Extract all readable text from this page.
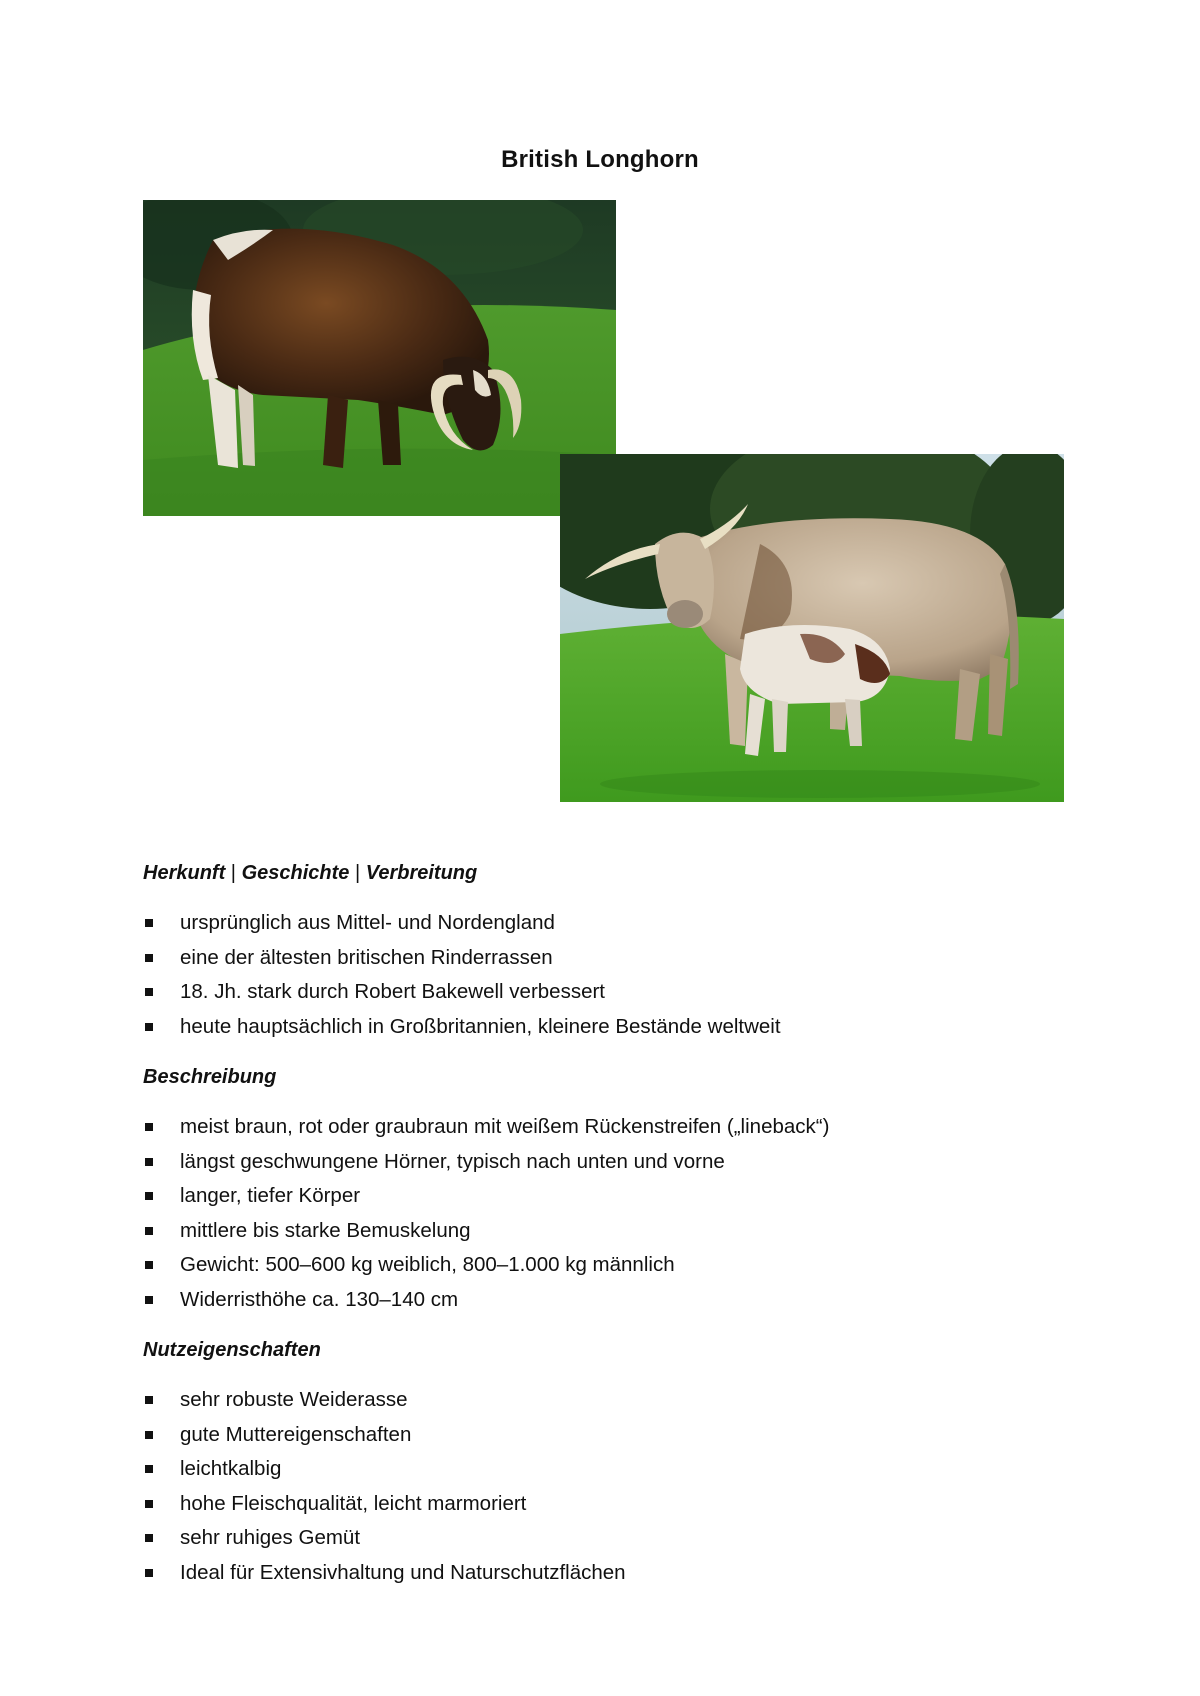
British Longhorn
Herkunft | Geschichte | Verbreitung
ursprünglich aus Mittel- und Nordengland
eine der ältesten britischen Rinderrassen
18. Jh. stark durch Robert Bakewell verbessert
heute hauptsächlich in Großbritannien, kleinere Bestände weltweit
Beschreibung
meist braun, rot oder graubraun mit weißem Rückenstreifen („lineback“)
längst geschwungene Hörner, typisch nach unten und vorne
langer, tiefer Körper
mittlere bis starke Bemuskelung
Gewicht: 500–600 kg weiblich, 800–1.000 kg männlich
Widerristhöhe ca. 130–140 cm
Nutzeigenschaften
sehr robuste Weiderasse
gute Muttereigenschaften
leichtkalbig
hohe Fleischqualität, leicht marmoriert
sehr ruhiges Gemüt
Ideal für Extensivhaltung und Naturschutzflächen
